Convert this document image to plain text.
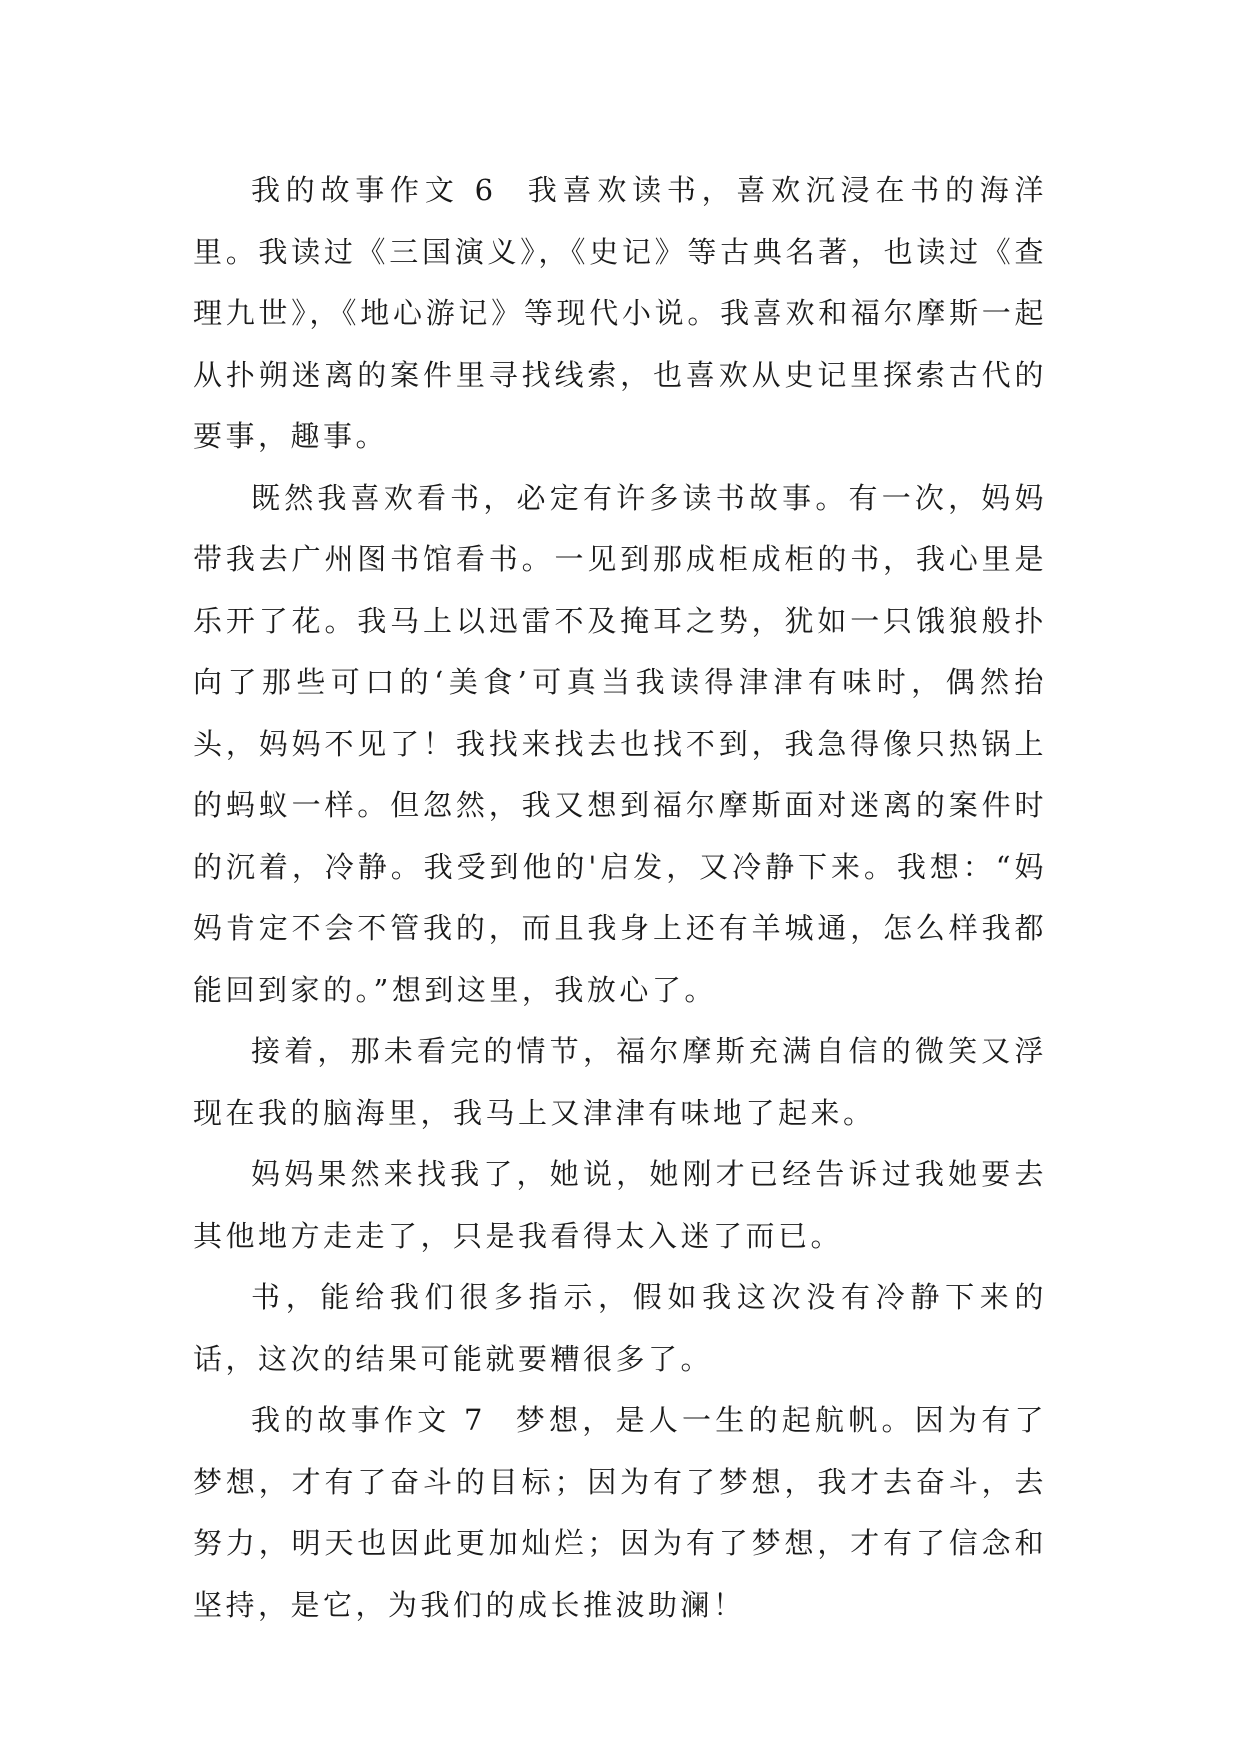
我的故事作文 6 我喜欢读书，喜欢沉浸在书的海洋里。我读过《三国演义》，《史记》等古典名著，也读过《查理九世》，《地心游记》等现代小说。我喜欢和福尔摩斯一起从扑朔迷离的案件里寻找线索，也喜欢从史记里探索古代的要事，趣事。

既然我喜欢看书，必定有许多读书故事。有一次，妈妈带我去广州图书馆看书。一见到那成柜成柜的书，我心里是乐开了花。我马上以迅雷不及掩耳之势，犹如一只饿狼般扑向了那些可口的‘美食’可真当我读得津津有味时，偶然抬头，妈妈不见了！我找来找去也找不到，我急得像只热锅上的蚂蚁一样。但忽然，我又想到福尔摩斯面对迷离的案件时的沉着，冷静。我受到他的'启发，又冷静下来。我想：“妈妈肯定不会不管我的，而且我身上还有羊城通，怎么样我都能回到家的。”想到这里，我放心了。

接着，那未看完的情节，福尔摩斯充满自信的微笑又浮现在我的脑海里，我马上又津津有味地了起来。

妈妈果然来找我了，她说，她刚才已经告诉过我她要去其他地方走走了，只是我看得太入迷了而已。

书，能给我们很多指示，假如我这次没有冷静下来的话，这次的结果可能就要糟很多了。

我的故事作文 7 梦想，是人一生的起航帆。因为有了梦想，才有了奋斗的目标；因为有了梦想，我才去奋斗，去努力，明天也因此更加灿烂；因为有了梦想，才有了信念和坚持，是它，为我们的成长推波助澜！
